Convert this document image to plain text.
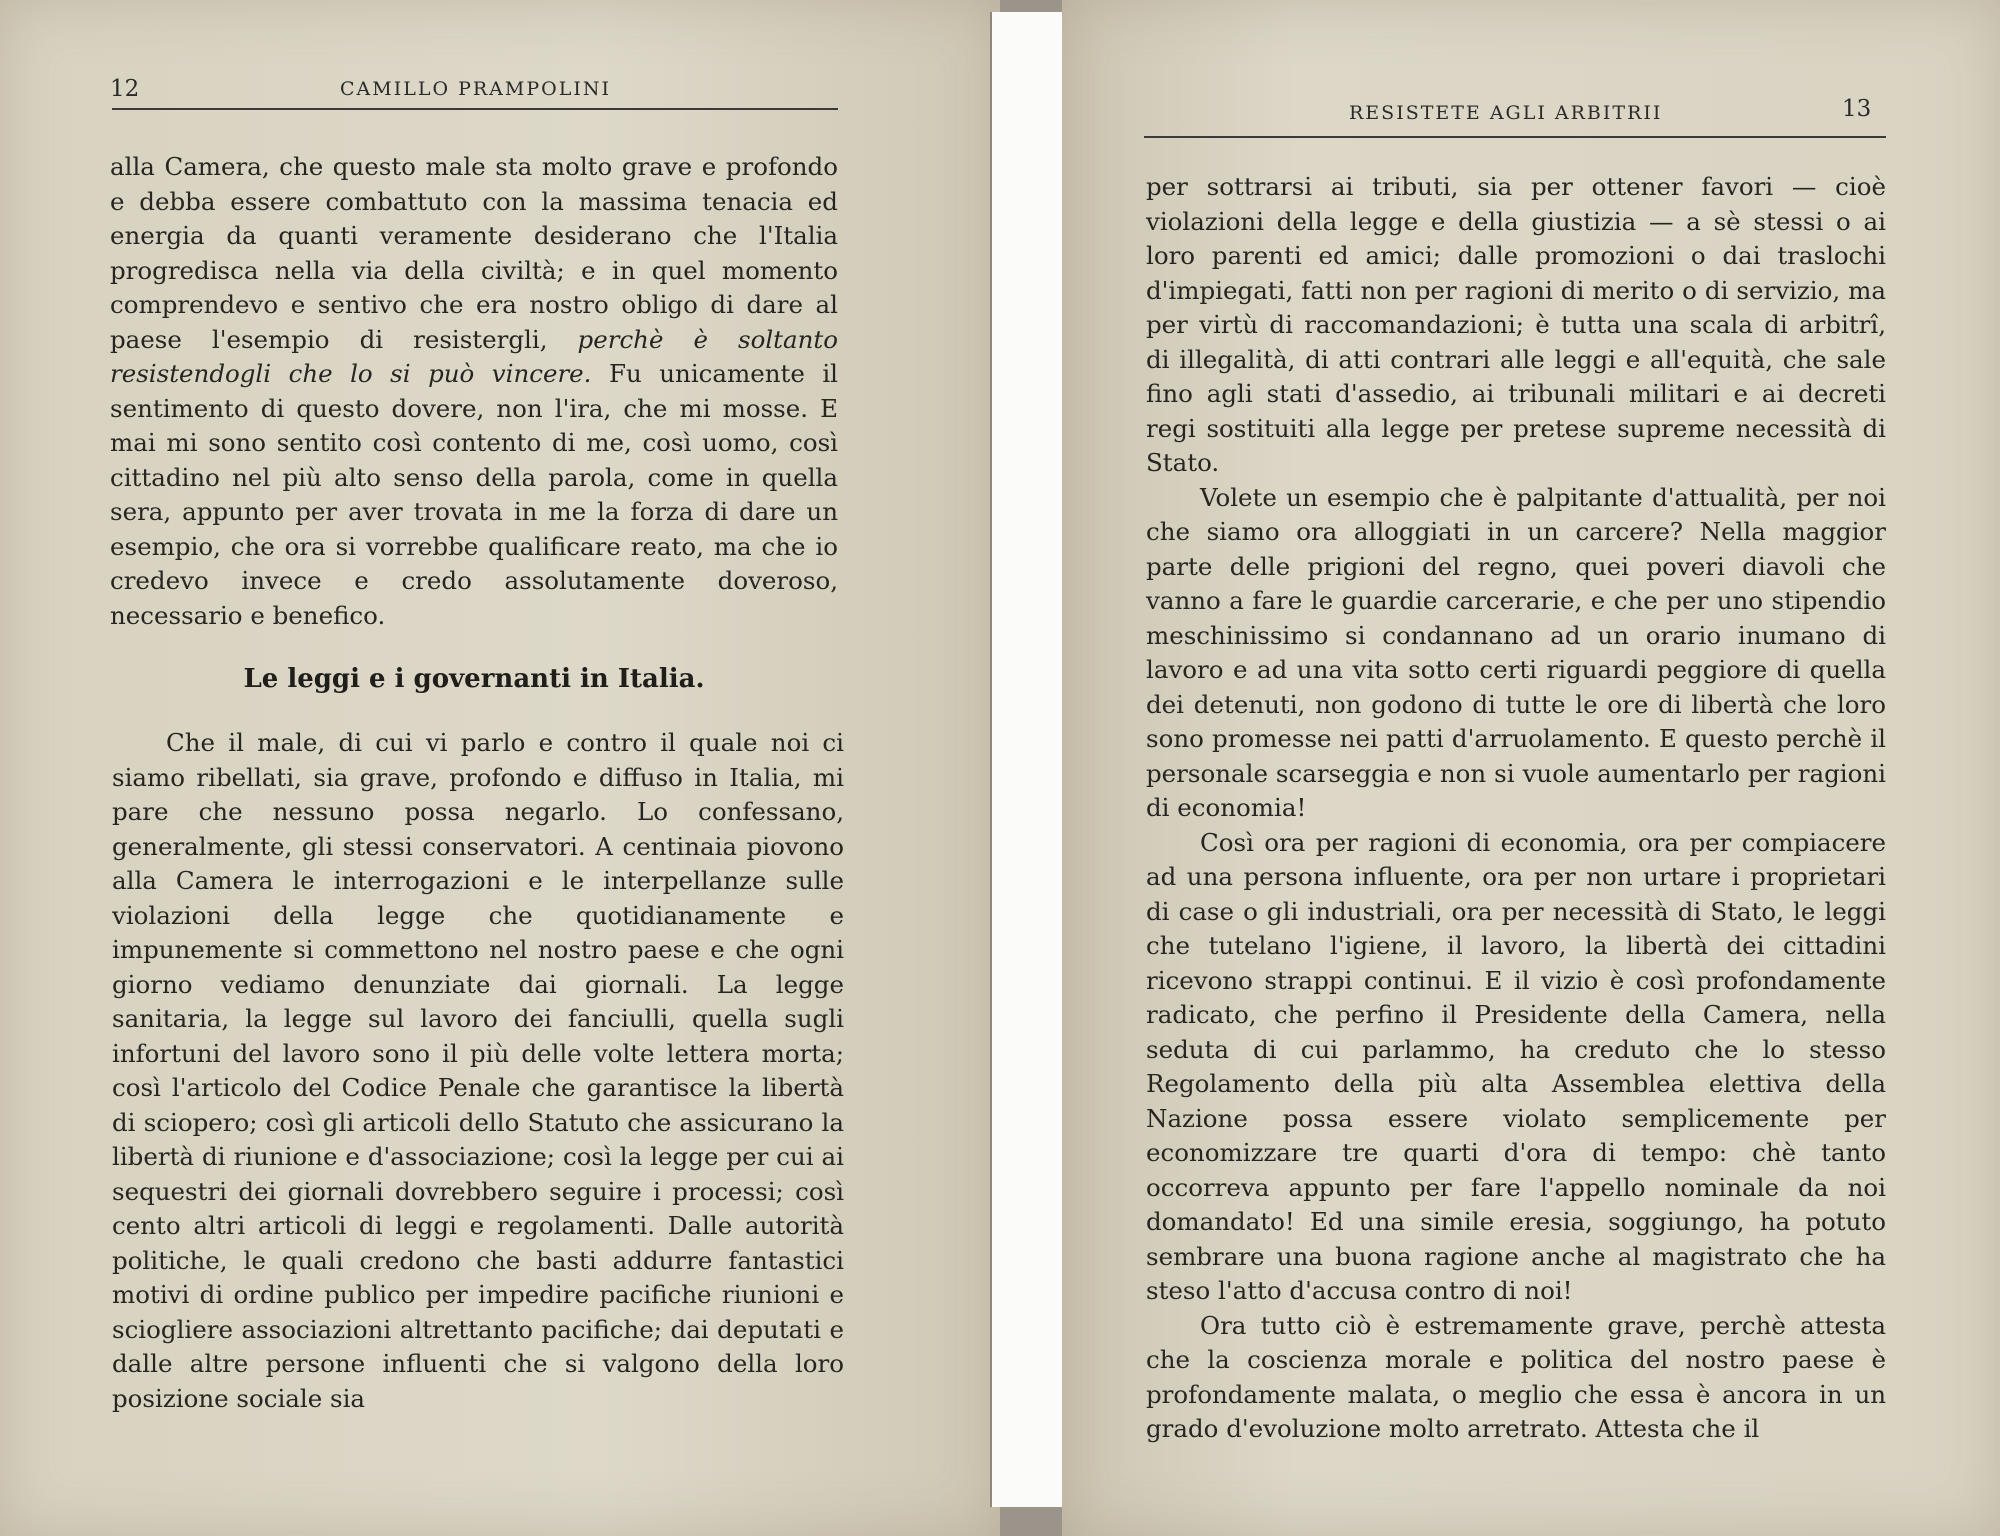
12	CAMILLO PRAMPOLINI

alla Camera, che questo male sta molto grave e profondo e debba essere combattuto con la massima tenacia ed energia da quanti veramente desiderano che l'Italia progredisca nella via della civiltà; e in quel momento comprendevo e sentivo che era nostro obligo di dare al paese l'esempio di resistergli, perchè è soltanto resistendogli che lo si può vincere. Fu unicamente il sentimento di questo dovere, non l'ira, che mi mosse. E mai mi sono sentito così contento di me, così uomo, così cittadino nel più alto senso della parola, come in quella sera, appunto per aver trovata in me la forza di dare un esempio, che ora si vorrebbe qualificare reato, ma che io credevo invece e credo assolutamente doveroso, necessario e benefico.

Le leggi e i governanti in Italia.

Che il male, di cui vi parlo e contro il quale noi ci siamo ribellati, sia grave, profondo e diffuso in Italia, mi pare che nessuno possa negarlo. Lo confessano, generalmente, gli stessi conservatori. A centinaia piovono alla Camera le interrogazioni e le interpellanze sulle violazioni della legge che quotidianamente e impunemente si commettono nel nostro paese e che ogni giorno vediamo denunziate dai giornali. La legge sanitaria, la legge sul lavoro dei fanciulli, quella sugli infortuni del lavoro sono il più delle volte lettera morta; così l'articolo del Codice Penale che garantisce la libertà di sciopero; così gli articoli dello Statuto che assicurano la libertà di riunione e d'associazione; così la legge per cui ai sequestri dei giornali dovrebbero seguire i processi; così cento altri articoli di leggi e regolamenti. Dalle autorità politiche, le quali credono che basti addurre fantastici motivi di ordine publico per impedire pacifiche riunioni e sciogliere associazioni altrettanto pacifiche; dai deputati e dalle altre persone influenti che si valgono della loro posizione sociale sia

RESISTETE AGLI ARBITRII	13

per sottrarsi ai tributi, sia per ottener favori — cioè violazioni della legge e della giustizia — a sè stessi o ai loro parenti ed amici; dalle promozioni o dai traslochi d'impiegati, fatti non per ragioni di merito o di servizio, ma per virtù di raccomandazioni; è tutta una scala di arbitrî, di illegalità, di atti contrari alle leggi e all'equità, che sale fino agli stati d'assedio, ai tribunali militari e ai decreti regi sostituiti alla legge per pretese supreme necessità di Stato.

Volete un esempio che è palpitante d'attualità, per noi che siamo ora alloggiati in un carcere? Nella maggior parte delle prigioni del regno, quei poveri diavoli che vanno a fare le guardie carcerarie, e che per uno stipendio meschinissimo si condannano ad un orario inumano di lavoro e ad una vita sotto certi riguardi peggiore di quella dei detenuti, non godono di tutte le ore di libertà che loro sono promesse nei patti d'arruolamento. E questo perchè il personale scarseggia e non si vuole aumentarlo per ragioni di economia!

Così ora per ragioni di economia, ora per compiacere ad una persona influente, ora per non urtare i proprietari di case o gli industriali, ora per necessità di Stato, le leggi che tutelano l'igiene, il lavoro, la libertà dei cittadini ricevono strappi continui. E il vizio è così profondamente radicato, che perfino il Presidente della Camera, nella seduta di cui parlammo, ha creduto che lo stesso Regolamento della più alta Assemblea elettiva della Nazione possa essere violato semplicemente per economizzare tre quarti d'ora di tempo: chè tanto occorreva appunto per fare l'appello nominale da noi domandato! Ed una simile eresia, soggiungo, ha potuto sembrare una buona ragione anche al magistrato che ha steso l'atto d'accusa contro di noi!

Ora tutto ciò è estremamente grave, perchè attesta che la coscienza morale e politica del nostro paese è profondamente malata, o meglio che essa è ancora in un grado d'evoluzione molto arretrato. Attesta che il
